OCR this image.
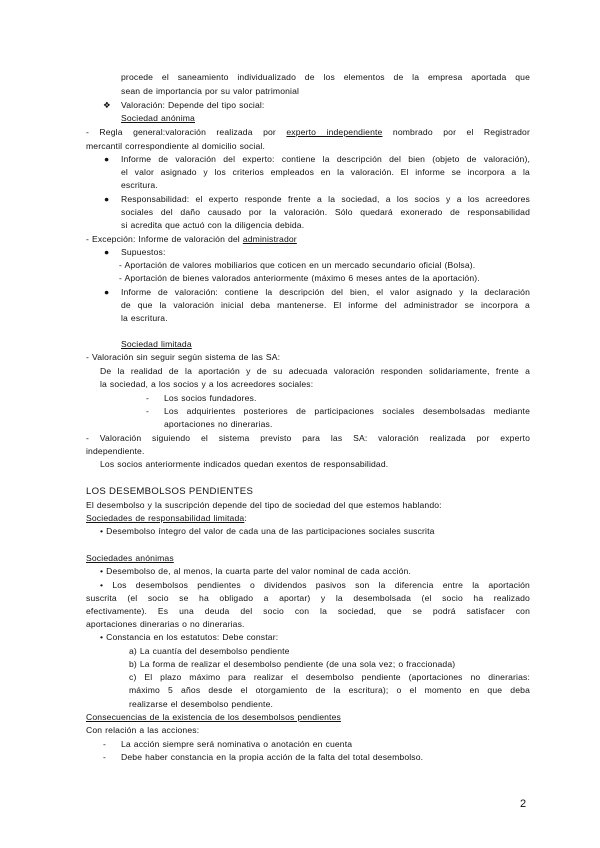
procede el saneamiento individualizado de los elementos de la empresa aportada que
sean de importancia por su valor patrimonial
❖ Valoración: Depende del tipo social:
Sociedad anónima
- Regla general:valoración realizada por experto independiente nombrado por el Registrador
mercantil correspondiente al domicilio social.
● Informe de valoración del experto: contiene la descripción del bien (objeto de valoración),
el valor asignado y los criterios empleados en la valoración. El informe se incorpora a la
escritura.
● Responsabilidad: el experto responde frente a la sociedad, a los socios y a los acreedores
sociales del daño causado por la valoración. Sólo quedará exonerado de responsabilidad
si acredita que actuó con la diligencia debida.
- Excepción: Informe de valoración del administrador
● Supuestos:
- Aportación de valores mobiliarios que coticen en un mercado secundario oficial (Bolsa).
- Aportación de bienes valorados anteriormente (máximo 6 meses antes de la aportación).
● Informe de valoración: contiene la descripción del bien, el valor asignado y la declaración
de que la valoración inicial deba mantenerse. El informe del administrador se incorpora a
la escritura.
Sociedad limitada
- Valoración sin seguir según sistema de las SA:
De la realidad de la aportación y de su adecuada valoración responden solidariamente, frente a
la sociedad, a los socios y a los acreedores sociales:
- Los socios fundadores.
- Los adquirientes posteriores de participaciones sociales desembolsadas mediante
aportaciones no dinerarias.
- Valoración siguiendo el sistema previsto para las SA: valoración realizada por experto
independiente.
Los socios anteriormente indicados quedan exentos de responsabilidad.
LOS DESEMBOLSOS PENDIENTES
El desembolso y la suscripción depende del tipo de sociedad del que estemos hablando:
Sociedades de responsabilidad limitada:
• Desembolso íntegro del valor de cada una de las participaciones sociales suscrita
Sociedades anónimas
• Desembolso de, al menos, la cuarta parte del valor nominal de cada acción.
• Los desembolsos pendientes o dividendos pasivos son la diferencia entre la aportación
suscrita (el socio se ha obligado a aportar) y la desembolsada (el socio ha realizado
efectivamente). Es una deuda del socio con la sociedad, que se podrá satisfacer con
aportaciones dinerarias o no dinerarias.
• Constancia en los estatutos: Debe constar:
a) La cuantía del desembolso pendiente
b) La forma de realizar el desembolso pendiente (de una sola vez; o fraccionada)
c) El plazo máximo para realizar el desembolso pendiente (aportaciones no dinerarias:
máximo 5 años desde el otorgamiento de la escritura); o el momento en que deba
realizarse el desembolso pendiente.
Consecuencias de la existencia de los desembolsos pendientes
Con relación a las acciones:
- La acción siempre será nominativa o anotación en cuenta
- Debe haber constancia en la propia acción de la falta del total desembolso.
2
